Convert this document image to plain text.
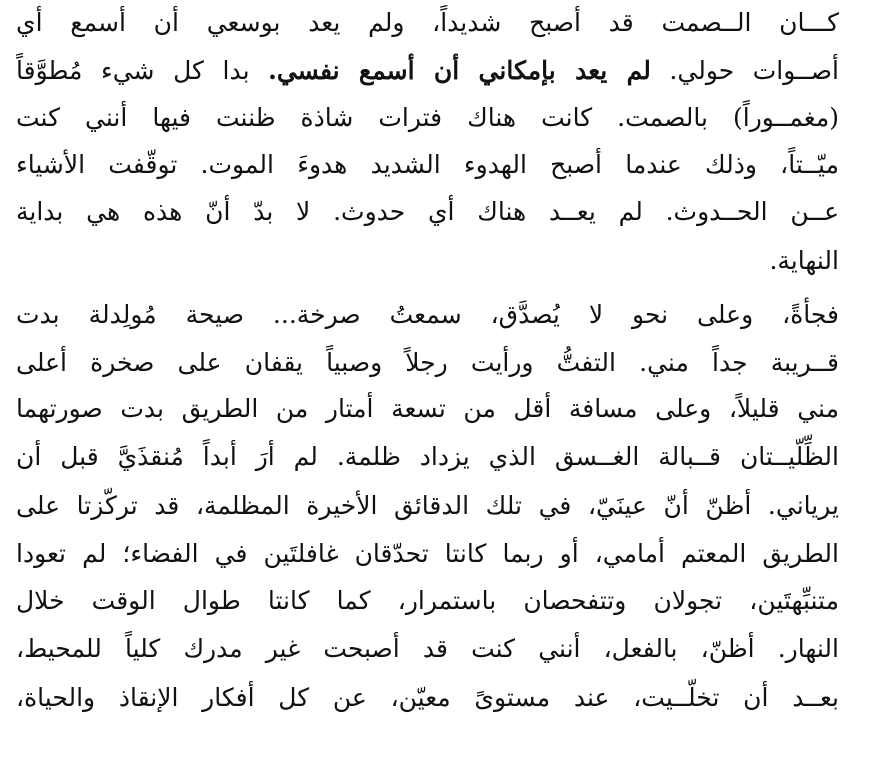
كـــان الــصمت قد أصبح شديداً، ولم يعد بوسعي أن أسمع أي
أصــوات حولي. لم يعد بإمكاني أن أسمع نفسي. بدا كل شيء مُطوَّقاً
(مغمــوراً) بالصمت. كانت هناك فترات شاذة ظننت فيها أنني كنت
ميّــتاً، وذلك عندما أصبح الهدوء الشديد هدوءَ الموت. توقّفت الأشياء
عــن الحــدوث. لم يعــد هناك أي حدوث. لا بدّ أنّ هذه هي بداية
النهاية.
فجأةً، وعلى نحو لا يُصدَّق، سمعتُ صرخة... صيحة مُولِدلة بدت
قــريبة جداً مني. التفتُّ ورأيت رجلاً وصبياً يقفان على صخرة أعلى
مني قليلاً، وعلى مسافة أقل من تسعة أمتار من الطريق بدت صورتهما
الظِّلّيــتان قــبالة الغــسق الذي يزداد ظلمة. لم أرَ أبداً مُنقذَيَّ قبل أن
يرياني. أظنّ أنّ عينَيّ، في تلك الدقائق الأخيرة المظلمة، قد تركّزتا على
الطريق المعتم أمامي، أو ربما كانتا تحدّقان غافلتَين في الفضاء؛ لم تعودا
متنبِّهتَين، تجولان وتتفحصان باستمرار، كما كانتا طوال الوقت خلال
النهار. أظنّ، بالفعل، أنني كنت قد أصبحت غير مدرك كلياً للمحيط،
بعــد أن تخلّــيت، عند مستوىً معيّن، عن كل أفكار الإنقاذ والحياة،
